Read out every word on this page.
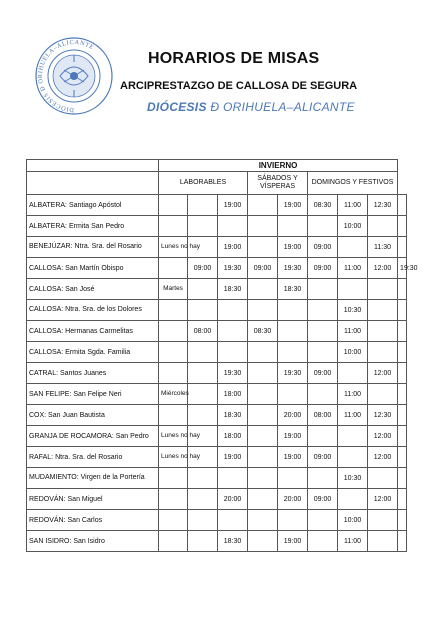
DIÓCESIS Ð ORIHUELA–ALICANTE
HORARIOS DE MISAS
ARCIPRESTAZGO DE CALLOSA DE SEGURA
DIÓCESIS Ð ORIHUELA–ALICANTE
	INVIERNO								
	LABORABLES			SÁBADOS Y VÍSPERAS		DOMINGOS Y FESTIVOS			
ALBATERA: Santiago Apóstol			19:00		19:00	08:30	11:00	12:30	
ALBATERA: Ermita San Pedro							10:00		
BENEJÚZAR: Ntra. Sra. del Rosario	Lunes no hay		19:00		19:00	09:00		11:30	
CALLOSA: San Martín Obispo		09:00	19:30	09:00	19:30	09:00	11:00	12:00	19:30
CALLOSA: San José	Martes		18:30		18:30				
CALLOSA: Ntra. Sra. de los Dolores							10:30		
CALLOSA: Hermanas Carmelitas		08:00		08:30			11:00		
CALLOSA: Ermita Sgda. Familia							10:00		
CATRAL: Santos Juanes			19:30		19:30	09:00		12:00	
SAN FELIPE: San Felipe Neri	Miércoles		18:00				11:00		
COX: San Juan Bautista			18:30		20:00	08:00	11:00	12:30	
GRANJA DE ROCAMORA: San Pedro	Lunes no hay		18:00		19:00			12:00	
RAFAL: Ntra. Sra. del Rosario	Lunes no hay		19:00		19:00	09:00		12:00	
MUDAMIENTO: Virgen de la Portería							10:30		
REDOVÁN: San Miguel			20:00		20:00	09:00		12:00	
REDOVÁN: San Carlos							10:00		
SAN ISIDRO: San Isidro			18:30		19:00		11:00		
